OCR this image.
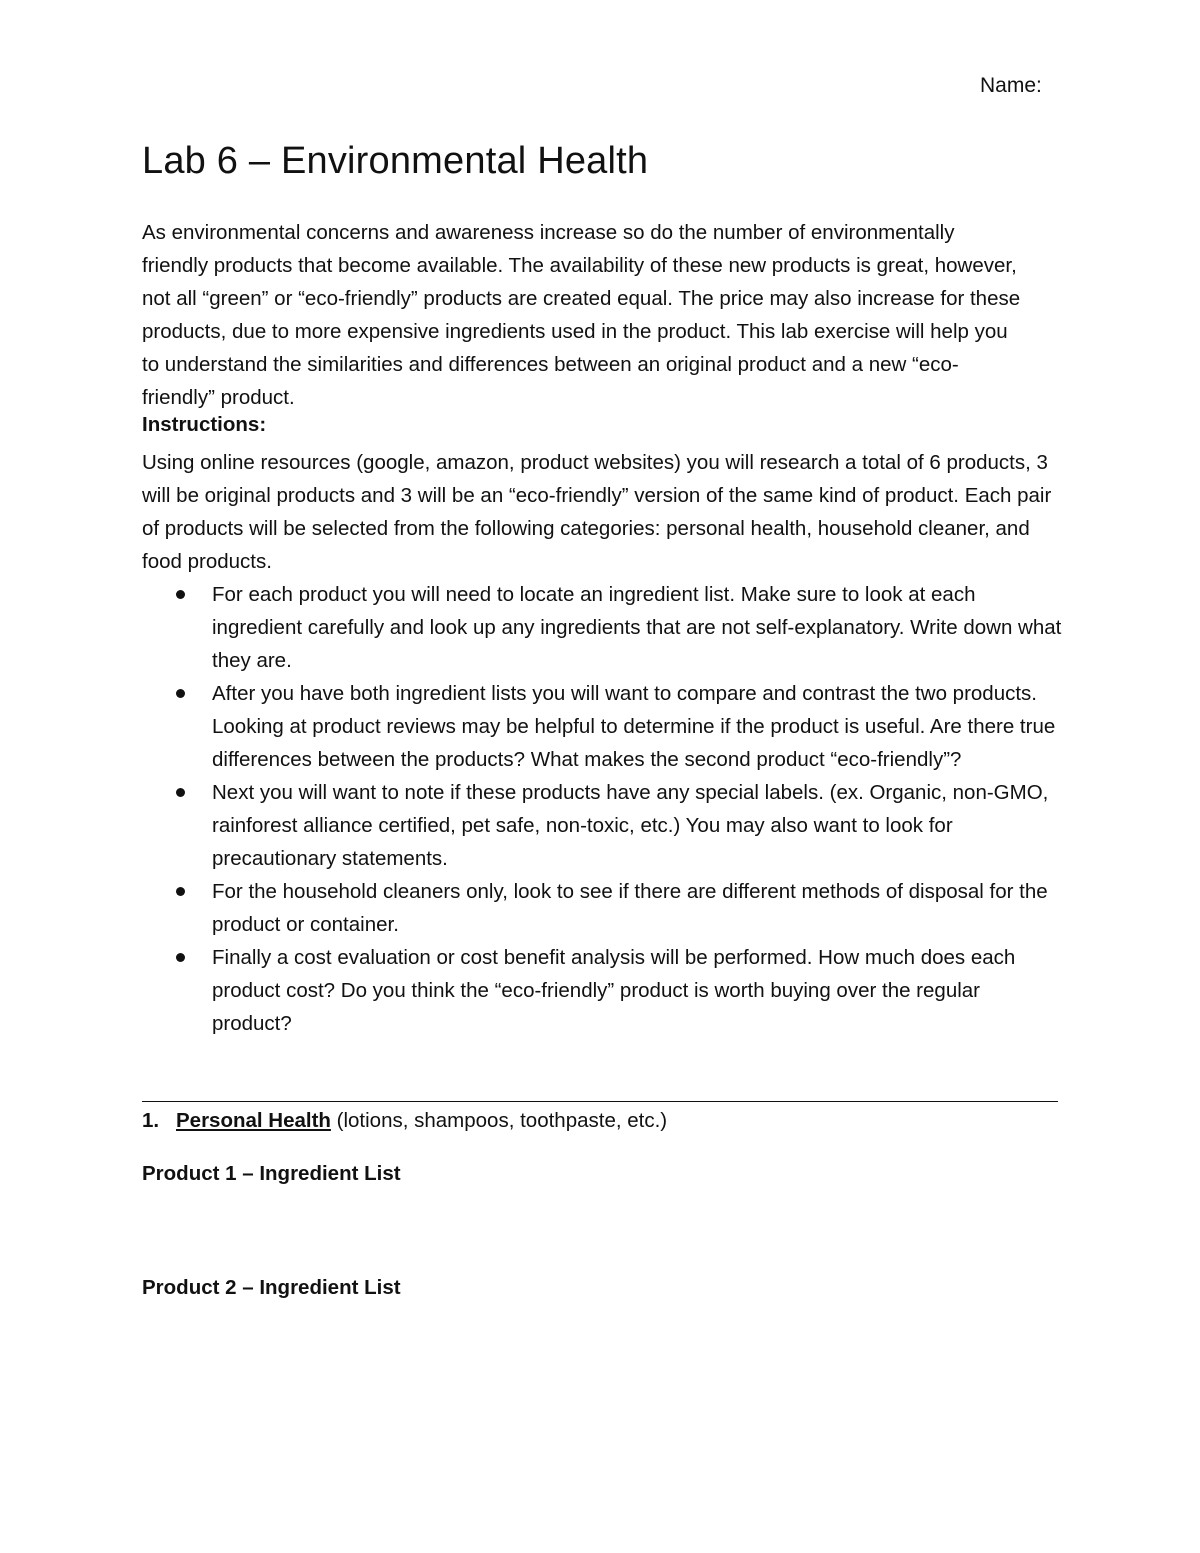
Name:
Lab 6 – Environmental Health

As environmental concerns and awareness increase so do the number of environmentally friendly products that become available. The availability of these new products is great, however, not all “green” or “eco-friendly” products are created equal. The price may also increase for these products, due to more expensive ingredients used in the product. This lab exercise will help you to understand the similarities and differences between an original product and a new “eco-friendly” product.

Instructions:

Using online resources (google, amazon, product websites) you will research a total of 6 products, 3 will be original products and 3 will be an “eco-friendly” version of the same kind of product. Each pair of products will be selected from the following categories: personal health, household cleaner, and food products.

For each product you will need to locate an ingredient list. Make sure to look at each ingredient carefully and look up any ingredients that are not self-explanatory. Write down what they are.
After you have both ingredient lists you will want to compare and contrast the two products. Looking at product reviews may be helpful to determine if the product is useful. Are there true differences between the products? What makes the second product “eco-friendly”?
Next you will want to note if these products have any special labels. (ex. Organic, non-GMO, rainforest alliance certified, pet safe, non-toxic, etc.) You may also want to look for precautionary statements.
For the household cleaners only, look to see if there are different methods of disposal for the product or container.
Finally a cost evaluation or cost benefit analysis will be performed. How much does each product cost? Do you think the “eco-friendly” product is worth buying over the regular product?
1. Personal Health (lotions, shampoos, toothpaste, etc.)
Product 1 – Ingredient List
Product 2 – Ingredient List
